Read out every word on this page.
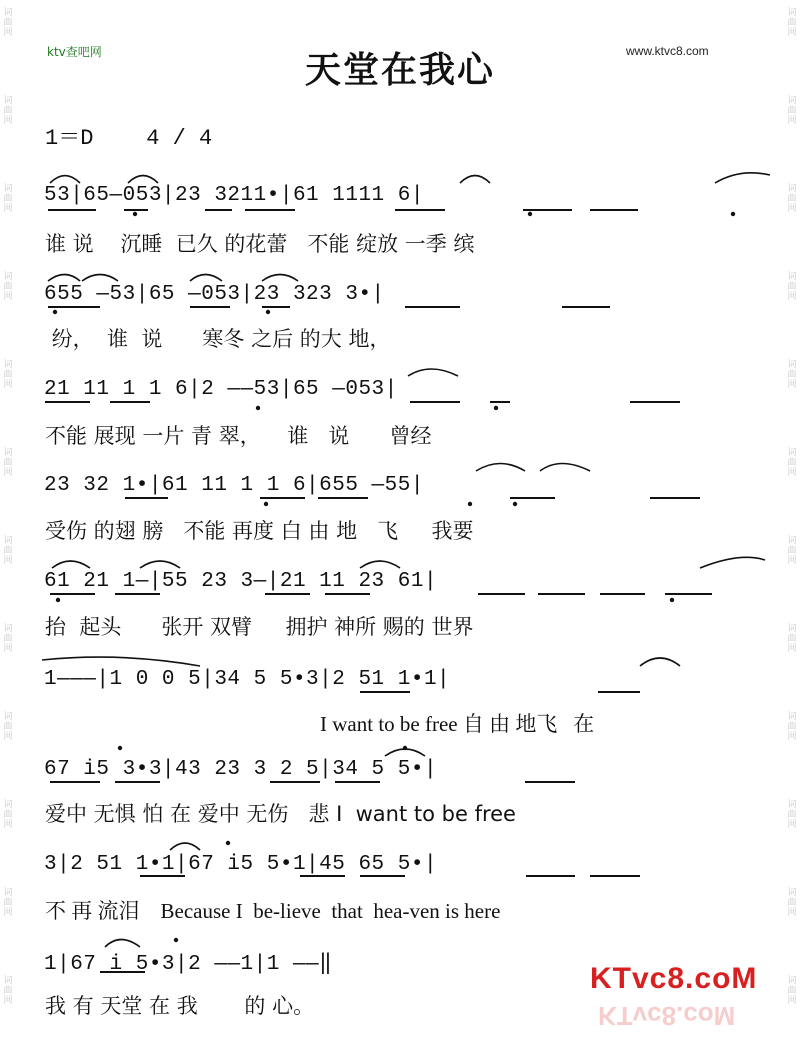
词
曲
网
词
曲
网
词
曲
网
词
曲
网
词
曲
网
词
曲
网
词
曲
网
词
曲
网
词
曲
网
词
曲
网
词
曲
网
词
曲
网
词
曲
网
词
曲
网
词
曲
网
词
曲
网
词
曲
网
词
曲
网
词
曲
网
词
曲
网
词
曲
网
词
曲
网
词
曲
网
词
曲
网
ktv查吧网	天堂在我心	www.ktvc8.com
1＝D    4 / 4
53|65—053|23 3211•|61 1111 6|
谁 说    沉睡  已久 的花蕾   不能 绽放 一季 缤
655 —53|65 —053|23 323 3•|
纷，  谁  说      寒冬 之后 的大 地，
21 11 1 1 6|2 ——53|65 —053|
不能 展现 一片 青 翠，    谁   说      曾经
23 32 1•|61 11 1 1 6|655 —55|
受伤 的翅 膀   不能 再度 白 由 地   飞     我要
61 21 1—|55 23 3—|21 11 23 61|
抬  起头      张开 双臂     拥护 神所 赐的 世界
1———|1 0 0 5|34 5 5•3|2 51 1•1|
I want to be free 自 由 地飞   在
67 i5 3•3|43 23 3 2 5|34 5 5•|
爱中 无惧 怕 在 爱中 无伤   悲 I  want to be free
3|2 51 1•1|67 i5 5•1|45 65 5•|
不 再 流泪    Because I  be-lieve  that  hea-ven is here
1|67 i 5•3|2 ——1|1 ——‖
我 有 天堂 在 我       的 心。
KTvc8.coM
KTvc8.coM
